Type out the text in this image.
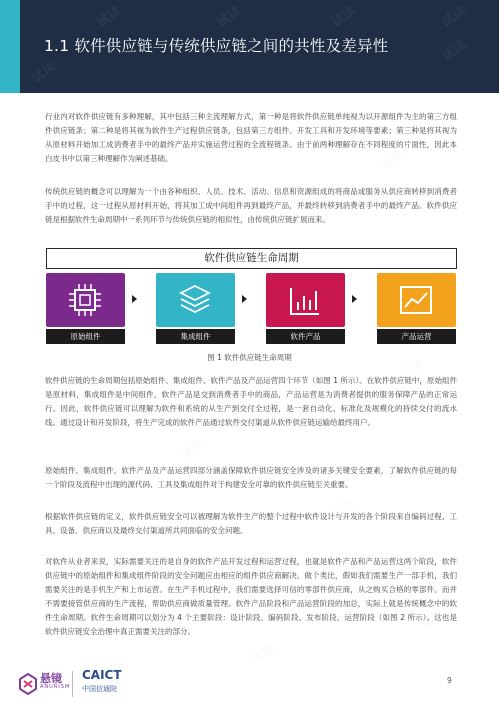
试读	试读	试读	试读
试读
试读
1.1 软件供应链与传统供应链之间的共性及差异性

行业内对软件供应链有多种理解，其中包括三种主流理解方式，第一种是将软件供应链单纯视为以开源组件为主的第三方组件供应链条；第二种是将其视为软件生产过程供应链条，包括第三方组件、开发工具和开发环境等要素；第三种是将其视为从原材料开始加工成消费者手中的最终产品并实施运营过程的全流程链条。由于前两种理解存在不同程度的片面性，因此本白皮书中以第三种理解作为阐述基础。

传统供应链的概念可以理解为一个由各种组织、人员、技术、活动、信息和资源组成的将商品或服务从供应商转移到消费者手中的过程，这一过程从原材料开始，将其加工成中间组件再到最终产品，并最终转移到消费者手中的最终产品。软件供应链是根据软件生命周期中一系列环节与传统供应链的相似性，由传统供应链扩展而来。

软件供应链生命周期
原始组件	集成组件	软件产品	产品运营
图 1 软件供应链生命周期

软件供应链的生命周期包括原始组件、集成组件、软件产品及产品运营四个环节（如图 1 所示）。在软件供应链中，原始组件是原材料，集成组件是中间组件，软件产品是交到消费者手中的商品，产品运营是为消费者提供的服务保障产品的正常运行。因此，软件供应链可以理解为软件和系统的从生产到交付全过程，是一套自动化、标准化及规模化的持续交付的流水线。通过设计和开发阶段，将生产完成的软件产品通过软件交付渠道从软件供应链运输给最终用户。

原始组件、集成组件、软件产品及产品运营四部分涵盖保障软件供应链安全涉及的诸多关键安全要素，了解软件供应链的每一个阶段及流程中出现的源代码、工具及集成组件对于构建安全可靠的软件供应链至关重要。

根据软件供应链的定义，软件供应链安全可以被理解为软件生产的整个过程中软件设计与开发的各个阶段来自编码过程、工具、设备、供应商以及最终交付渠道所共同面临的安全问题。

对软件从业者来说，实际需要关注的是自身的软件产品开发过程和运营过程，也就是软件产品和产品运营这两个阶段，软件供应链中的原始组件和集成组件阶段的安全问题应由相应的组件供应商解决。做个类比，假如我们需要生产一部手机，我们需要关注的是手机生产和上市运营。在生产手机过程中，我们需要选择可信的零部件供应商，从之购买合格的零部件。而并不需要接管供应商的生产流程，帮助供应商做质量管理。软件产品阶段和产品运营阶段的加总，实际上就是传统概念中的软件生命周期。软件生命周期可以划分为 4 个主要阶段：设计阶段、编码阶段、发布阶段、运营阶段（如图 2 所示）。这也是软件供应链安全治理中真正需要关注的部分。

悬镜
ANURISM
CAICT
中国信通院
9
